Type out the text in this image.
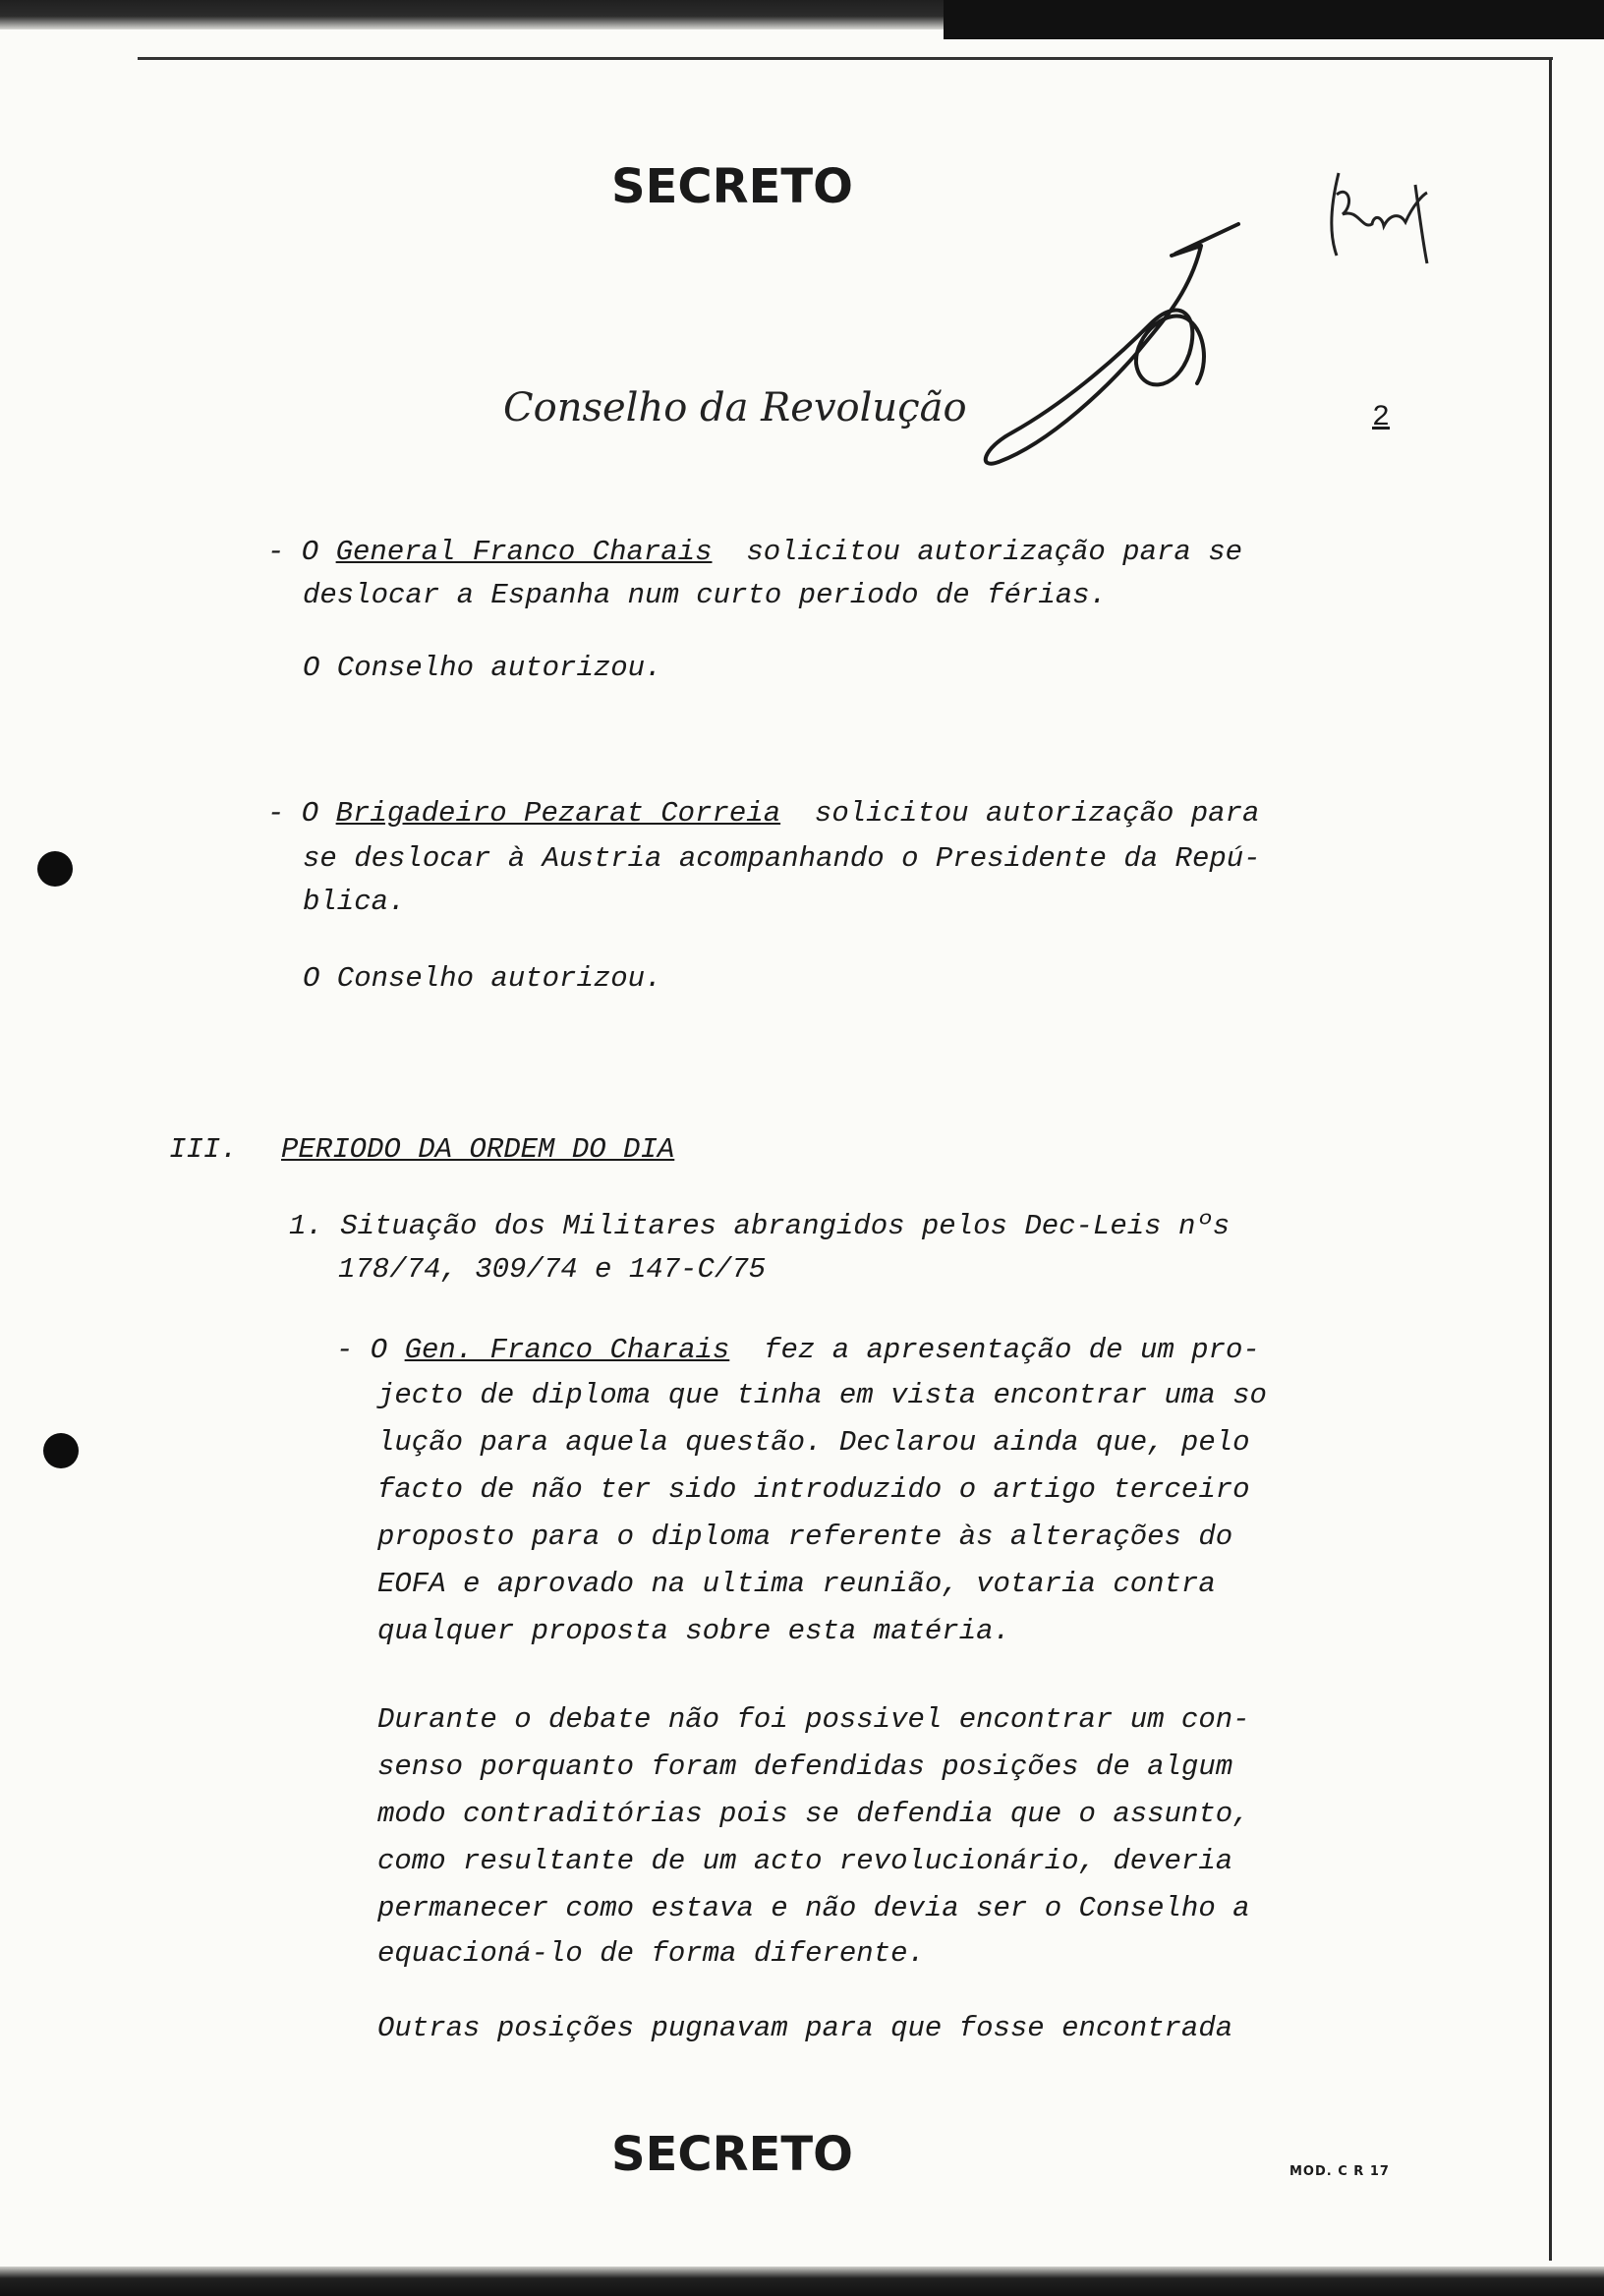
SECRETO
Conselho da Revolução	2
- O General Franco Charais solicitou autorização para se
deslocar a Espanha num curto periodo de férias.
O Conselho autorizou.
- O Brigadeiro Pezarat Correia solicitou autorização para
se deslocar à Austria acompanhando o Presidente da Repú-
blica.
O Conselho autorizou.
III. PERIODO DA ORDEM DO DIA
1. Situação dos Militares abrangidos pelos Dec-Leis nºs
178/74, 309/74 e 147-C/75
- O Gen. Franco Charais fez a apresentação de um pro-
jecto de diploma que tinha em vista encontrar uma so
lução para aquela questão. Declarou ainda que, pelo
facto de não ter sido introduzido o artigo terceiro
proposto para o diploma referente às alterações do
EOFA e aprovado na ultima reunião, votaria contra
qualquer proposta sobre esta matéria.
Durante o debate não foi possivel encontrar um con-
senso porquanto foram defendidas posições de algum
modo contraditórias pois se defendia que o assunto,
como resultante de um acto revolucionário, deveria
permanecer como estava e não devia ser o Conselho a
equacioná-lo de forma diferente.
Outras posições pugnavam para que fosse encontrada
SECRETO	MOD. C R 17
